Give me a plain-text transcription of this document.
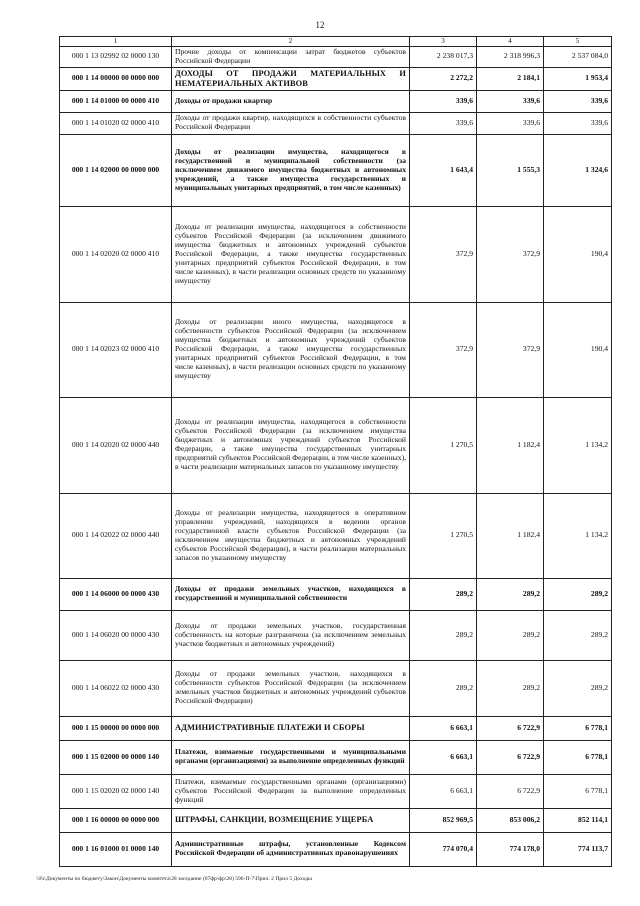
12
1	2	3	4	5
000 1 13 02992 02 0000 130	Прочие доходы от компенсации затрат бюджетов субъектов Российской Федерации	2 238 017,3	2 318 996,3	2 537 084,0
000 1 14 00000 00 0000 000	ДОХОДЫ ОТ ПРОДАЖИ МАТЕРИАЛЬНЫХ И НЕМАТЕРИАЛЬНЫХ АКТИВОВ	2 272,2	2 184,1	1 953,4
000 1 14 01000 00 0000 410	Доходы от продажи квартир	339,6	339,6	339,6
000 1 14 01020 02 0000 410	Доходы от продажи квартир, находящихся в собственности субъектов Российской Федерации	339,6	339,6	339,6
000 1 14 02000 00 0000 000	Доходы от реализации имущества, находящегося в государственной и муниципальной собственности (за исключением движимого имущества бюджетных и автономных учреждений, а также имущества государственных и муниципальных унитарных предприятий, в том числе казенных)	1 643,4	1 555,3	1 324,6
000 1 14 02020 02 0000 410	Доходы от реализации имущества, находящегося в собственности субъектов Российской Федерации (за исключением движимого имущества бюджетных и автономных учреждений субъектов Российской Федерации, а также имущества государственных унитарных предприятий субъектов Российской Федерации, в том числе казенных), в части реализации основных средств по указанному имуществу	372,9	372,9	190,4
000 1 14 02023 02 0000 410	Доходы от реализации иного имущества, находящегося в собственности субъектов Российской Федерации (за исключением имущества бюджетных и автономных учреждений субъектов Российской Федерации, а также имущества государственных унитарных предприятий субъектов Российской Федерации, в том числе казенных), в части реализации основных средств по указанному имуществу	372,9	372,9	190,4
000 1 14 02020 02 0000 440	Доходы от реализации имущества, находящегося в собственности субъектов Российской Федерации (за исключением имущества бюджетных и автономных учреждений субъектов Российской Федерации, а также имущества государственных унитарных предприятий субъектов Российской Федерации, в том числе казенных), в части реализации материальных запасов по указанному имуществу	1 270,5	1 182,4	1 134,2
000 1 14 02022 02 0000 440	Доходы от реализации имущества, находящегося в оперативном управлении учреждений, находящихся в ведении органов государственной власти субъектов Российской Федерации (за исключением имущества бюджетных и автономных учреждений субъектов Российской Федерации), в части реализации материальных запасов по указанному имуществу	1 270,5	1 182,4	1 134,2
000 1 14 06000 00 0000 430	Доходы от продажи земельных участков, находящихся в государственной и муниципальной собственности	289,2	289,2	289,2
000 1 14 06020 00 0000 430	Доходы от продажи земельных участков, государственная собственность на которые разграничена (за исключением земельных участков бюджетных и автономных учреждений)	289,2	289,2	289,2
000 1 14 06022 02 0000 430	Доходы от продажи земельных участков, находящихся в собственности субъектов Российской Федерации (за исключением земельных участков бюджетных и автономных учреждений субъектов Российской Федерации)	289,2	289,2	289,2
000 1 15 00000 00 0000 000	АДМИНИСТРАТИВНЫЕ ПЛАТЕЖИ И СБОРЫ	6 663,1	6 722,9	6 778,1
000 1 15 02000 00 0000 140	Платежи, взимаемые государственными и муниципальными органами (организациями) за выполнение определенных функций	6 663,1	6 722,9	6 778,1
000 1 15 02020 02 0000 140	Платежи, взимаемые государственными органами (организациями) субъектов Российской Федерации за выполнение определенных функций	6 663,1	6 722,9	6 778,1
000 1 16 00000 00 0000 000	ШТРАФЫ, САНКЦИИ, ВОЗМЕЩЕНИЕ УЩЕРБА	852 969,5	853 006,2	852 114,1
000 1 16 01000 01 0000 140	Административные штрафы, установленные Кодексом Российской Федерации об административных правонарушениях	774 070,4	774 178,0	774 113,7
\\Fs\Документы по бюджету\Закон\Документы комитета\28 заседание (07фр\фр\28) 596-П-7\Прил. 2 Прил 5 Доходы
